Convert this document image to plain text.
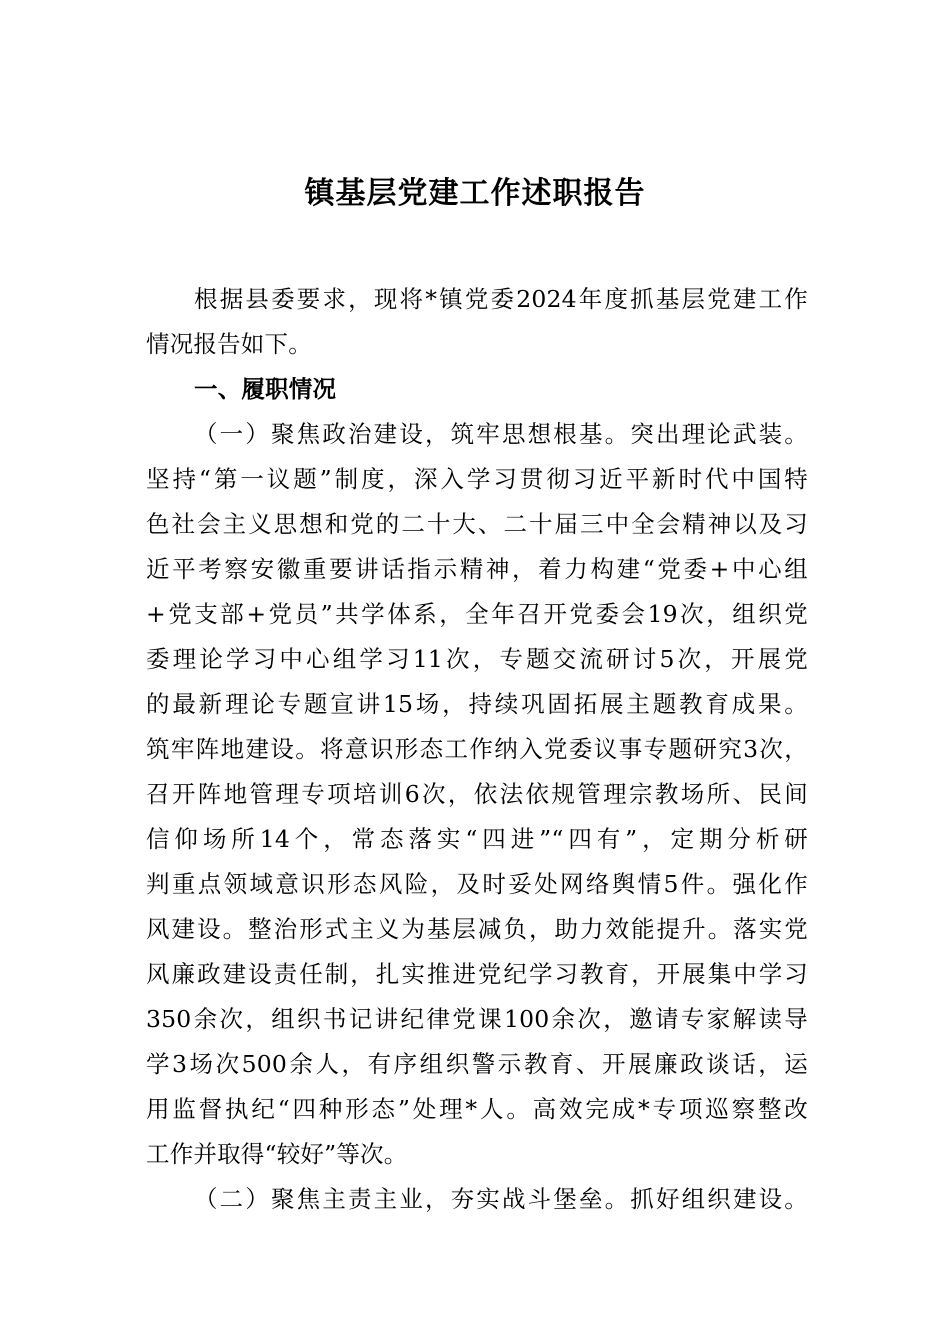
镇基层党建工作述职报告
根据县委要求，现将*镇党委2024年度抓基层党建工作
情况报告如下。
一、履职情况
（一）聚焦政治建设，筑牢思想根基。突出理论武装。
坚持“第一议题”制度，深入学习贯彻习近平新时代中国特
色社会主义思想和党的二十大、二十届三中全会精神以及习
近平考察安徽重要讲话指示精神，着力构建“党委+中心组
+党支部+党员”共学体系，全年召开党委会19次，组织党
委理论学习中心组学习11次，专题交流研讨5次，开展党
的最新理论专题宣讲15场，持续巩固拓展主题教育成果。
筑牢阵地建设。将意识形态工作纳入党委议事专题研究3次，
召开阵地管理专项培训6次，依法依规管理宗教场所、民间
信仰场所14个，常态落实“四进”“四有”，定期分析研
判重点领域意识形态风险，及时妥处网络舆情5件。强化作
风建设。整治形式主义为基层减负，助力效能提升。落实党
风廉政建设责任制，扎实推进党纪学习教育，开展集中学习
350余次，组织书记讲纪律党课100余次，邀请专家解读导
学3场次500余人，有序组织警示教育、开展廉政谈话，运
用监督执纪“四种形态”处理*人。高效完成*专项巡察整改
工作并取得“较好”等次。
（二）聚焦主责主业，夯实战斗堡垒。抓好组织建设。
